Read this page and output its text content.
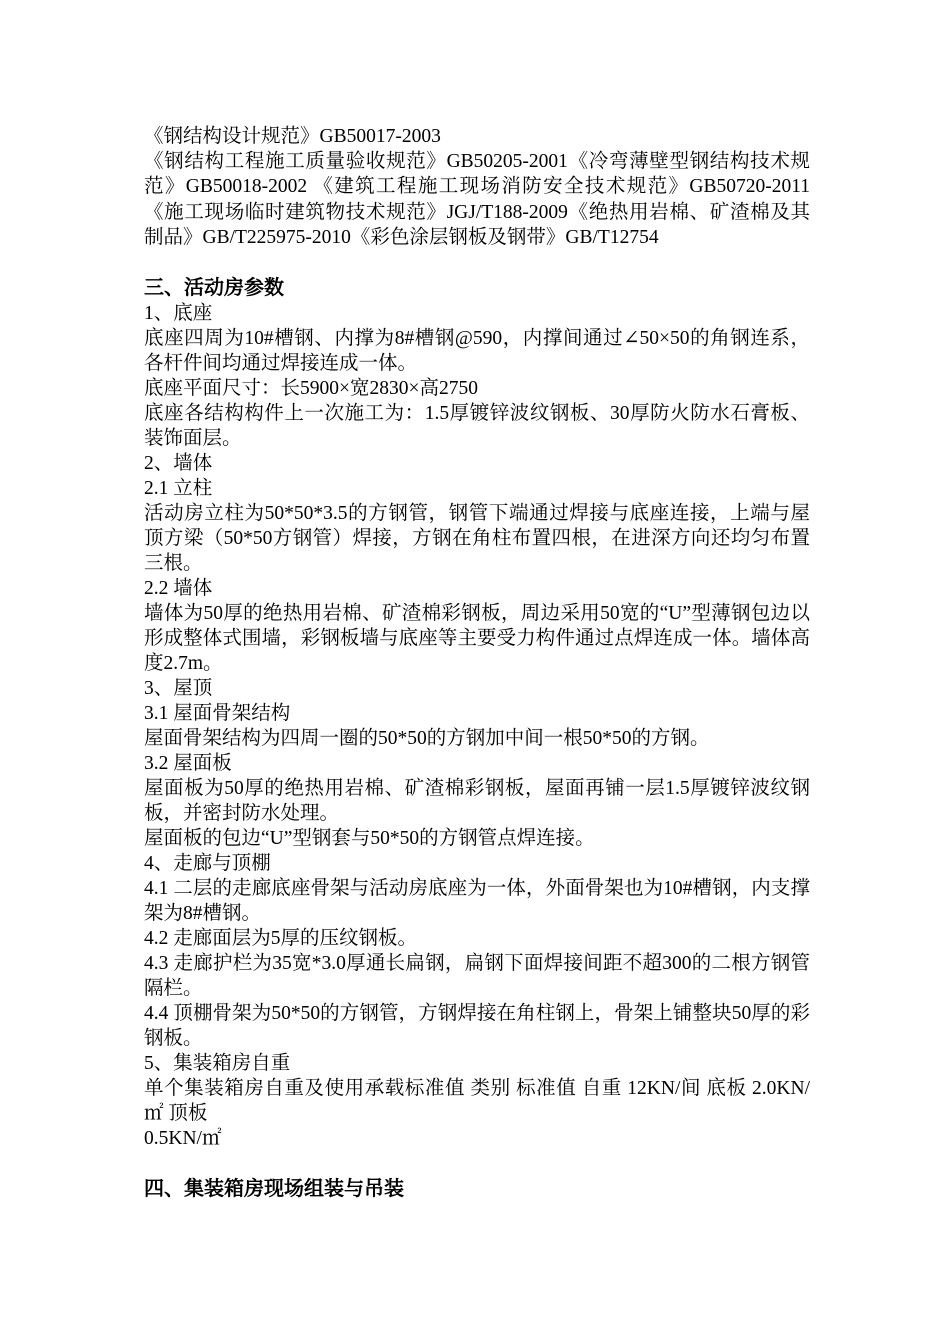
《钢结构设计规范》GB50017-2003

《钢结构工程施工质量验收规范》GB50205-2001《冷弯薄壁型钢结构技术规范》GB50018-2002 《建筑工程施工现场消防安全技术规范》GB50720-2011 《施工现场临时建筑物技术规范》JGJ/T188-2009《绝热用岩棉、矿渣棉及其制品》GB/T225975-2010《彩色涂层钢板及钢带》GB/T12754

三、活动房参数

1、底座

底座四周为10#槽钢、内撑为8#槽钢@590，内撑间通过∠50×50的角钢连系，各杆件间均通过焊接连成一体。

底座平面尺寸：长5900×宽2830×高2750

底座各结构构件上一次施工为：1.5厚镀锌波纹钢板、30厚防火防水石膏板、装饰面层。

2、墙体

2.1 立柱

活动房立柱为50*50*3.5的方钢管，钢管下端通过焊接与底座连接，上端与屋顶方梁（50*50方钢管）焊接，方钢在角柱布置四根，在进深方向还均匀布置三根。

2.2 墙体

墙体为50厚的绝热用岩棉、矿渣棉彩钢板，周边采用50宽的“U”型薄钢包边以形成整体式围墙，彩钢板墙与底座等主要受力构件通过点焊连成一体。墙体高度2.7m。

3、屋顶

3.1 屋面骨架结构

屋面骨架结构为四周一圈的50*50的方钢加中间一根50*50的方钢。

3.2 屋面板

屋面板为50厚的绝热用岩棉、矿渣棉彩钢板，屋面再铺一层1.5厚镀锌波纹钢板，并密封防水处理。

屋面板的包边“U”型钢套与50*50的方钢管点焊连接。

4、走廊与顶棚

4.1 二层的走廊底座骨架与活动房底座为一体，外面骨架也为10#槽钢，内支撑架为8#槽钢。

4.2 走廊面层为5厚的压纹钢板。

4.3 走廊护栏为35宽*3.0厚通长扁钢，扁钢下面焊接间距不超300的二根方钢管隔栏。

4.4 顶棚骨架为50*50的方钢管，方钢焊接在角柱钢上，骨架上铺整块50厚的彩钢板。

5、集装箱房自重

单个集装箱房自重及使用承载标准值 类别 标准值 自重 12KN/间 底板 2.0KN/㎡ 顶板

0.5KN/㎡

四、集装箱房现场组装与吊装
